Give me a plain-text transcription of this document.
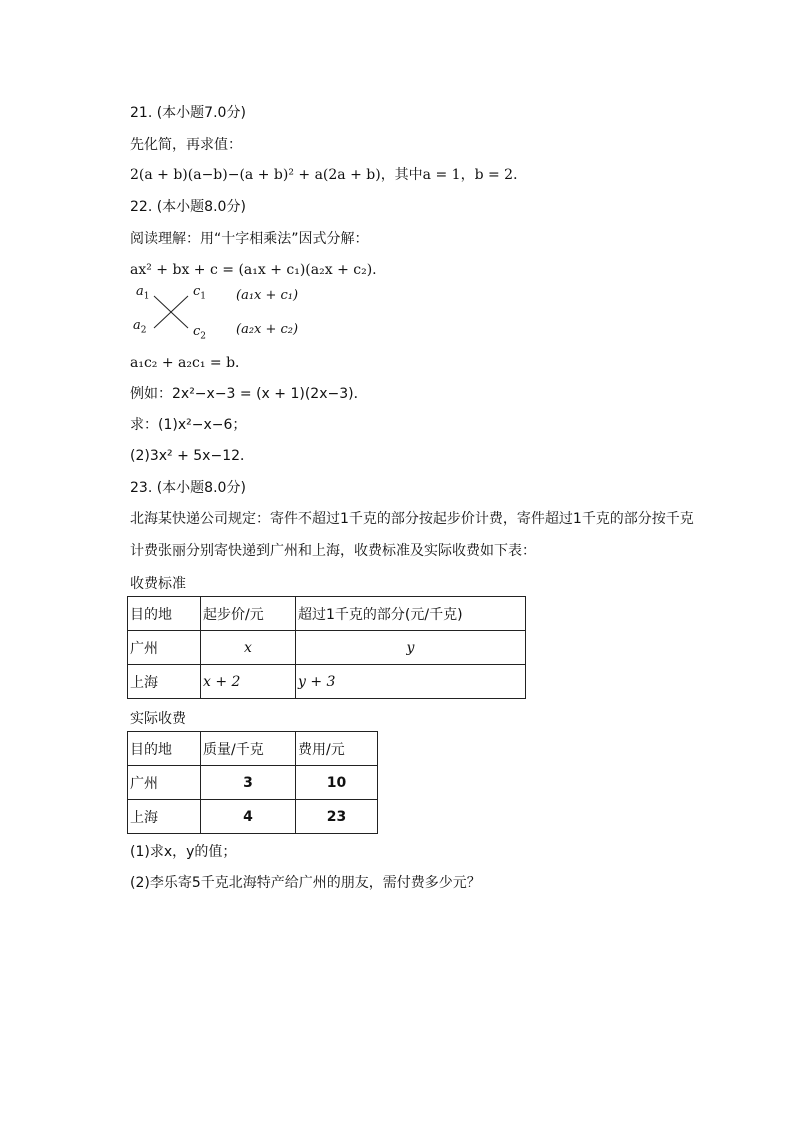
21. (本小题7.0分)
先化简，再求值：
2(a + b)(a−b)−(a + b)² + a(2a + b)，其中a = 1，b = 2．
22. (本小题8.0分)
阅读理解：用“十字相乘法”因式分解：
ax² + bx + c = (a₁x + c₁)(a₂x + c₂).
$a_1$	$c_1$
$a_2$	$c_2$
(a₁x + c₁)
(a₂x + c₂)
a₁c₂ + a₂c₁ = b．
例如：2x²−x−3 = (x + 1)(2x−3)．
求：(1)x²−x−6；
(2)3x² + 5x−12．
23. (本小题8.0分)
北海某快递公司规定：寄件不超过1千克的部分按起步价计费，寄件超过1千克的部分按千克
计费张丽分别寄快递到广州和上海，收费标准及实际收费如下表：
收费标准
目的地	起步价/元	超过1千克的部分(元/千克)
广州	x	y
上海	x + 2	y + 3
实际收费
目的地	质量/千克	费用/元
广州	3	10
上海	4	23
(1)求x，y的值；
(2)李乐寄5千克北海特产给广州的朋友，需付费多少元？
